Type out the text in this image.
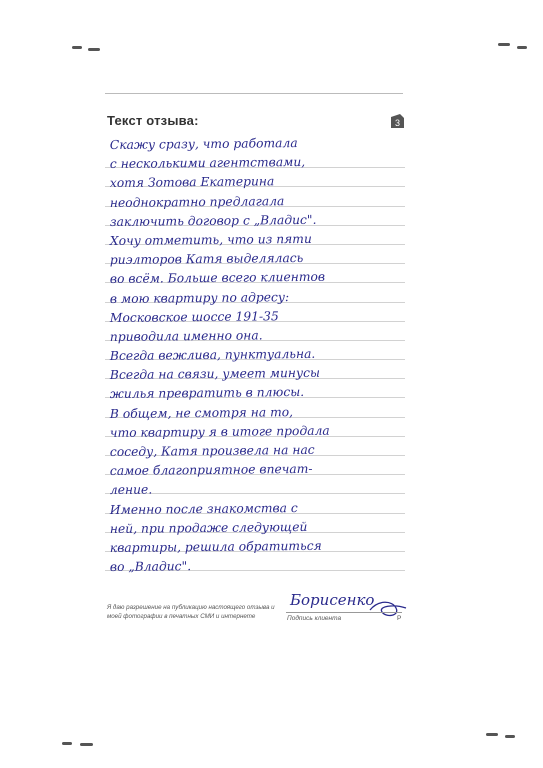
Текст отзыва:	3
Скажу сразу, что работала
с несколькими агентствами,
хотя Зотова Екатерина
неоднократно предлагала
заключить договор с „Владис".
Хочу отметить, что из пяти
риэлторов Катя выделялась
во всём. Больше всего клиентов
в мою квартиру по адресу:
Московское шоссе 191-35
приводила именно она.
Всегда вежлива, пунктуальна.
Всегда на связи, умеет минусы
жилья превратить в плюсы.
В общем, не смотря на то,
что квартиру я в итоге продала
соседу, Катя произвела на нас
самое благоприятное впечат-
ление.
Именно после знакомства с
ней, при продаже следующей
квартиры, решила обратиться
во „Владис".
Я даю разрешение на публикацию настоящего отзыва и моей фотографии в печатных СМИ и интернете
Борисенко
Подпись клиента	Р
